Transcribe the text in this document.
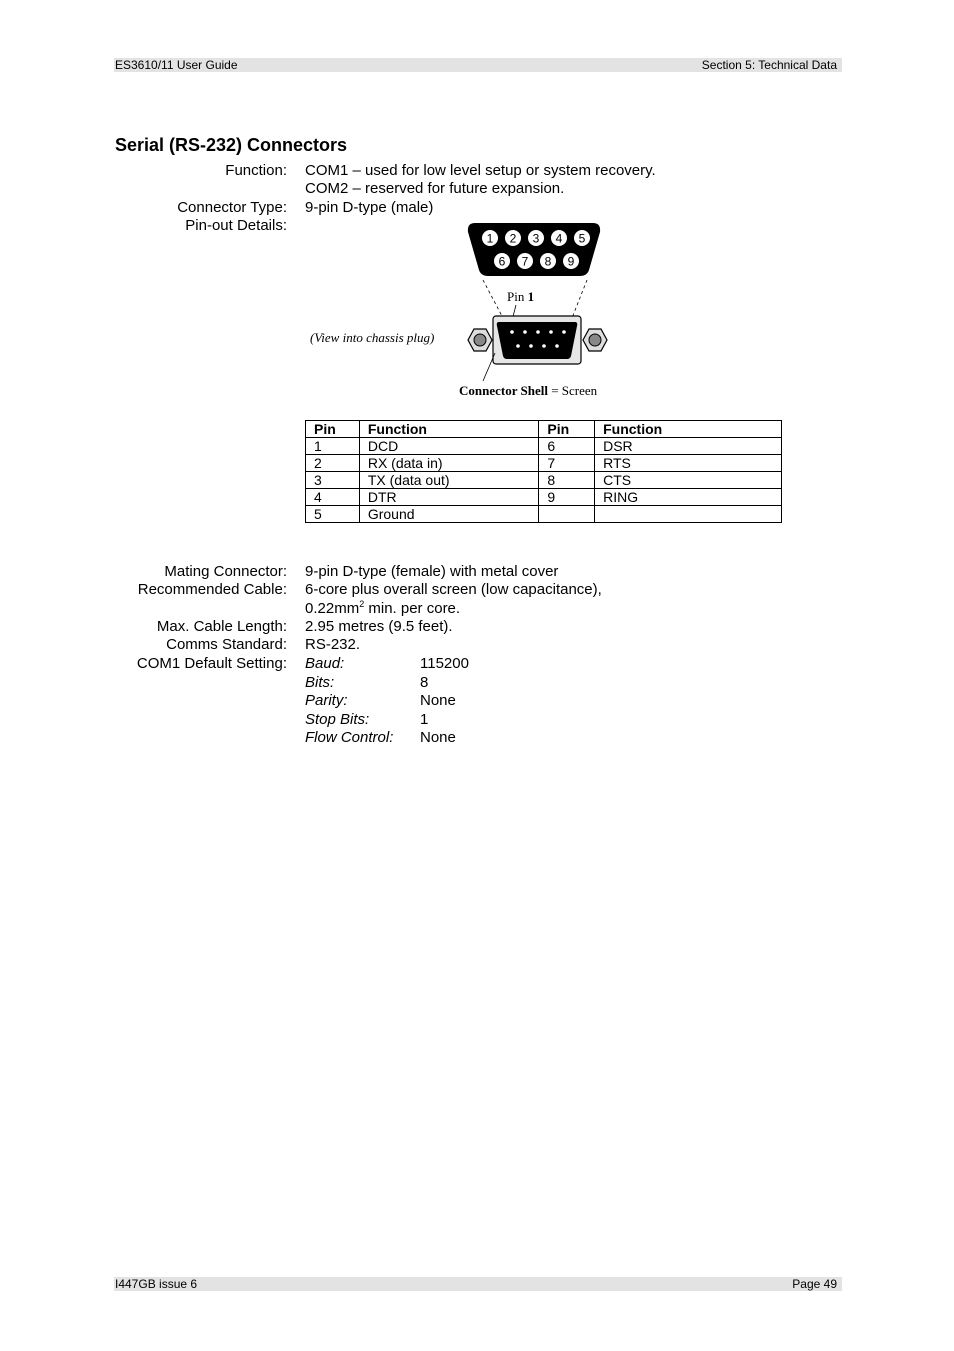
ES3610/11 User Guide	Section 5: Technical Data
Serial (RS-232) Connectors
Function: COM1 – used for low level setup or system recovery.
COM2 – reserved for future expansion.
Connector Type: 9-pin D-type (male)
Pin-out Details:
1 2 3 4 5
6 7 8 9
Pin 1
(View into chassis plug)
Connector Shell = Screen
Pin	Function	Pin	Function
1	DCD	6	DSR
2	RX (data in)	7	RTS
3	TX (data out)	8	CTS
4	DTR	9	RING
5	Ground		
Mating Connector: 9-pin D-type (female) with metal cover
Recommended Cable: 6-core plus overall screen (low capacitance),
$0.22mm^2$ min. per core.
Max. Cable Length: 2.95 metres (9.5 feet).
Comms Standard: RS-232.
COM1 Default Setting: Baud:	115200
Bits:	8
Parity:	None
Stop Bits:	1
Flow Control: None
I447GB issue 6	Page 49
